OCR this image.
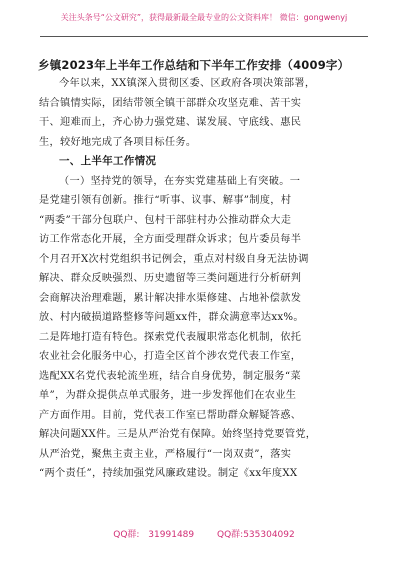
关注头条号“公文研究”，获得最新最全最专业的公文资料库！ 微信：gongwenyj
乡镇2023年上半年工作总结和下半年工作安排（4009字）
今年以来，XX镇深入贯彻区委、区政府各项决策部署，
结合镇情实际，团结带领全镇干部群众攻坚克难、苦干实
干、迎难而上，齐心协力强党建、谋发展、守底线、惠民
生，较好地完成了各项目标任务。
一、上半年工作情况
（一）坚持党的领导，在夯实党建基础上有突破。一
是党建引领有创新。推行“听事、议事、解事”制度，村
“两委”干部分包联户、包村干部驻村办公推动群众大走
访工作常态化开展，全方面受理群众诉求；包片委员每半
个月召开X次村党组织书记例会，重点对村级自身无法协调
解决、群众反映强烈、历史遗留等三类问题进行分析研判
会商解决治理难题，累计解决排水渠修建、占地补偿款发
放、村内破损道路整修等问题xx件，群众满意率达xx%。
二是阵地打造有特色。探索党代表履职常态化机制，依托
农业社会化服务中心，打造全区首个涉农党代表工作室，
选配XX名党代表轮流坐班，结合自身优势，制定服务“菜
单”，为群众提供点单式服务，进一步发挥他们在农业生
产方面作用。目前，党代表工作室已帮助群众解疑答惑、
解决问题XX件。三是从严治党有保障。始终坚持党要管党，
从严治党，聚焦主责主业，严格履行“一岗双责”，落实
“两个责任”，持续加强党风廉政建设。制定《xx年度XX
QQ群: 31991489	QQ群:535304092
